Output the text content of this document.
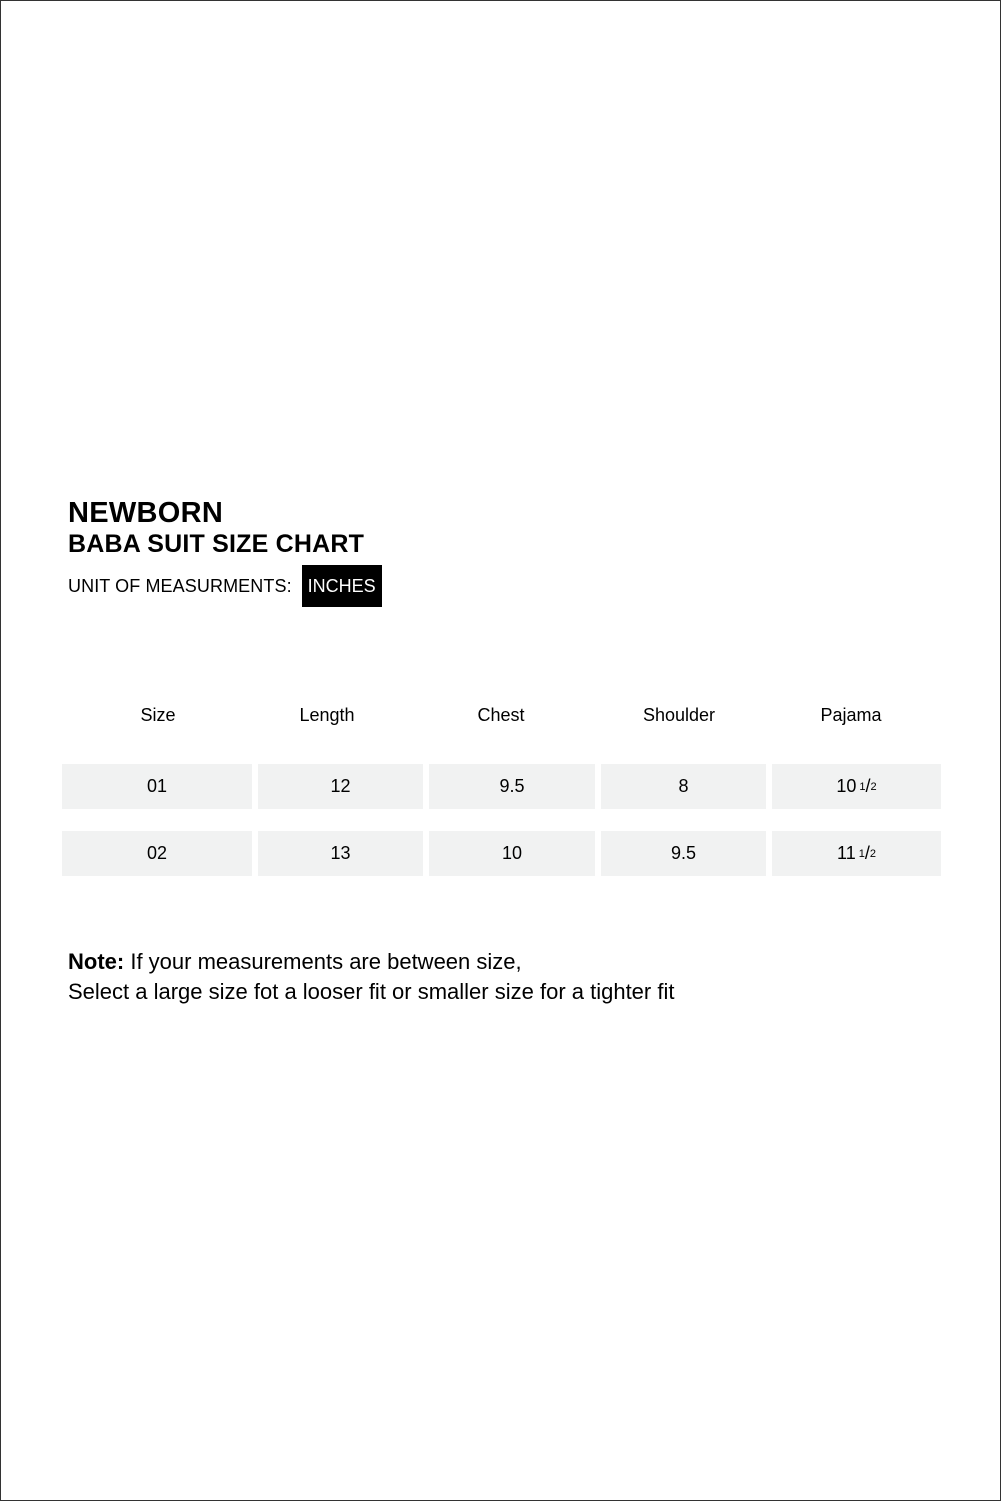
NEWBORN
BABA SUIT SIZE CHART
UNIT OF MEASURMENTS: INCHES
Size	Length	Chest	Shoulder	Pajama
01	12	9.5	8	10 1 / 2
02	13	10	9.5	11 1 / 2

Note: If your measurements are between size,
Select a large size fot a looser fit or smaller size for a tighter fit
